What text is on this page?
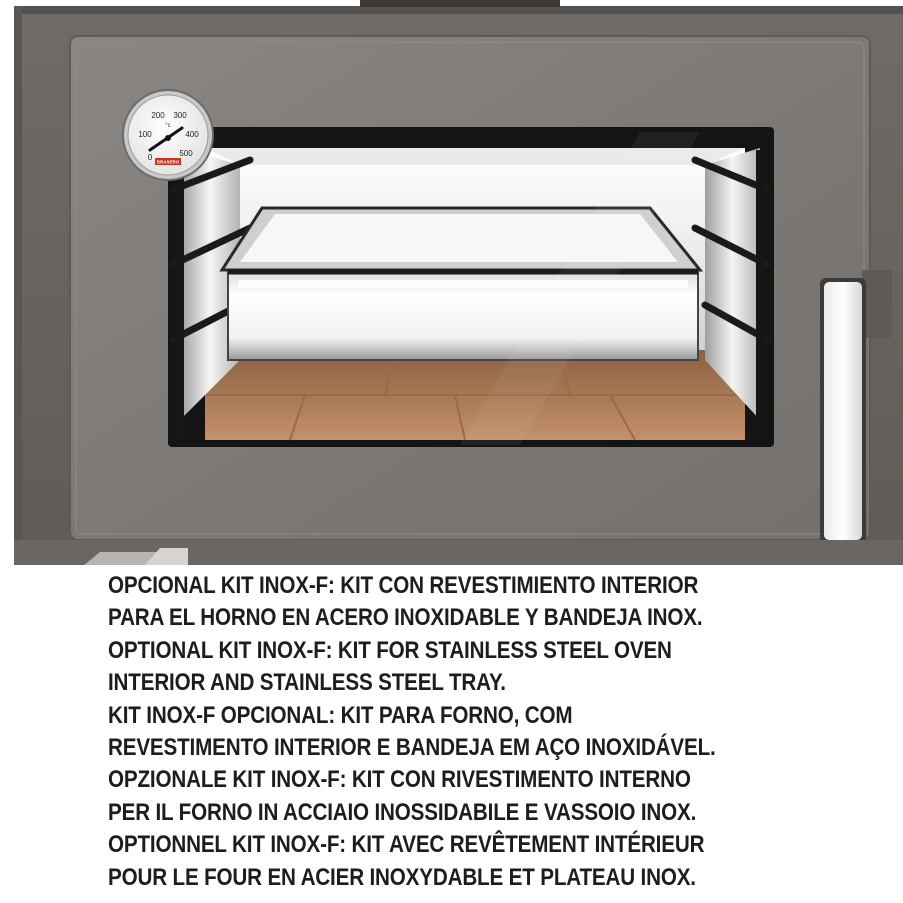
0
100
200 300
400
500
°c
BRASERO
OPCIONAL KIT INOX-F: KIT CON REVESTIMIENTO INTERIOR
PARA EL HORNO EN ACERO INOXIDABLE Y BANDEJA INOX.
OPTIONAL KIT INOX-F: KIT FOR STAINLESS STEEL OVEN
INTERIOR AND STAINLESS STEEL TRAY.
KIT INOX-F OPCIONAL: KIT PARA FORNO, COM
REVESTIMENTO INTERIOR E BANDEJA EM AÇO INOXIDÁVEL.
OPZIONALE KIT INOX-F: KIT CON RIVESTIMENTO INTERNO
PER IL FORNO IN ACCIAIO INOSSIDABILE E VASSOIO INOX.
OPTIONNEL KIT INOX-F: KIT AVEC REVÊTEMENT INTÉRIEUR
POUR LE FOUR EN ACIER INOXYDABLE ET PLATEAU INOX.
